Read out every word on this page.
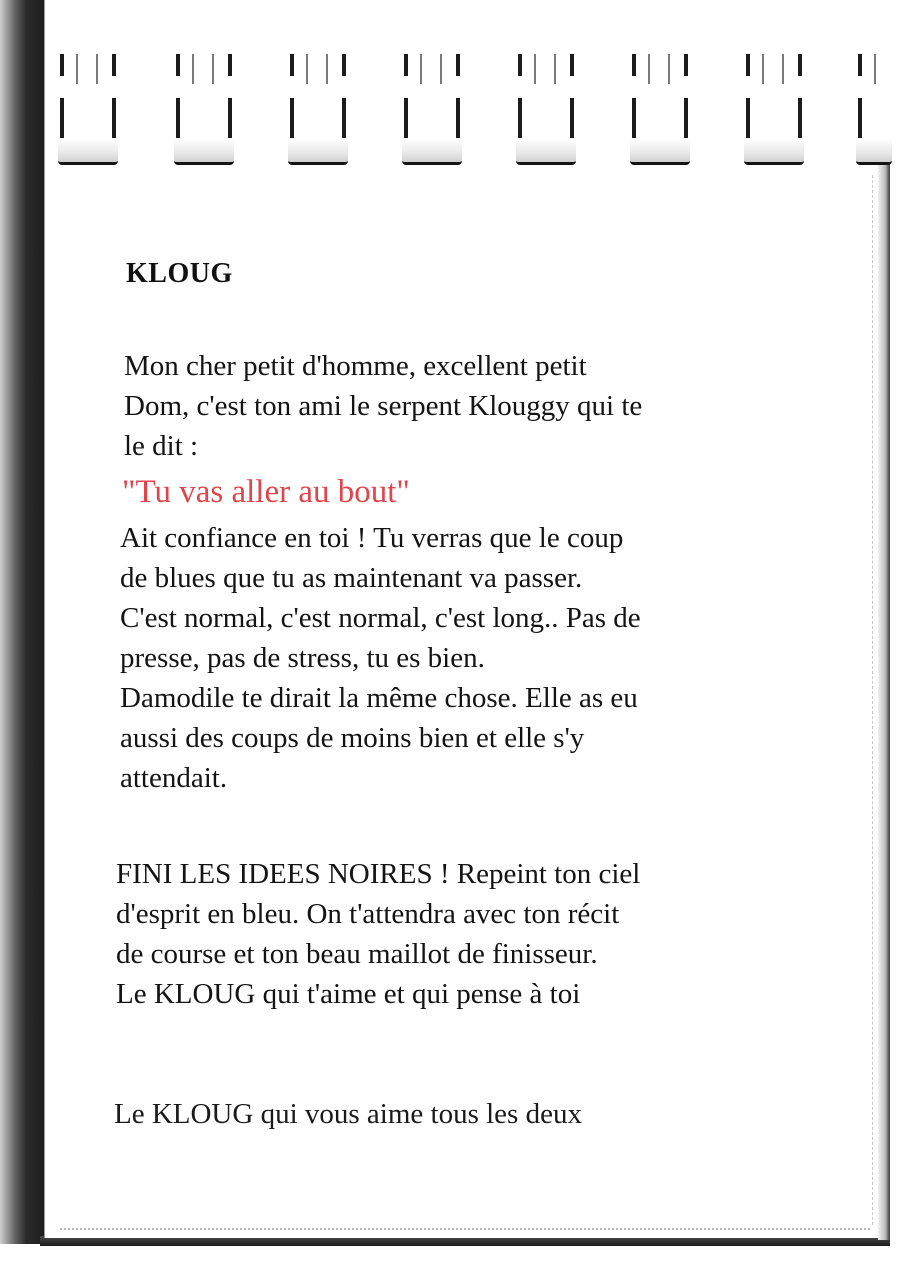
KLOUG
Mon cher petit d'homme, excellent petit
Dom, c'est ton ami le serpent Klouggy qui te
le dit :
"Tu vas aller au bout"
Ait confiance en toi ! Tu verras que le coup
de blues que tu as maintenant va passer.
C'est normal, c'est normal, c'est long.. Pas de
presse, pas de stress, tu es bien.
Damodile te dirait la même chose. Elle as eu
aussi des coups de moins bien et elle s'y
attendait.
FINI LES IDEES NOIRES ! Repeint ton ciel
d'esprit en bleu. On t'attendra avec ton récit
de course et ton beau maillot de finisseur.
Le KLOUG qui t'aime et qui pense à toi
Le KLOUG qui vous aime tous les deux
